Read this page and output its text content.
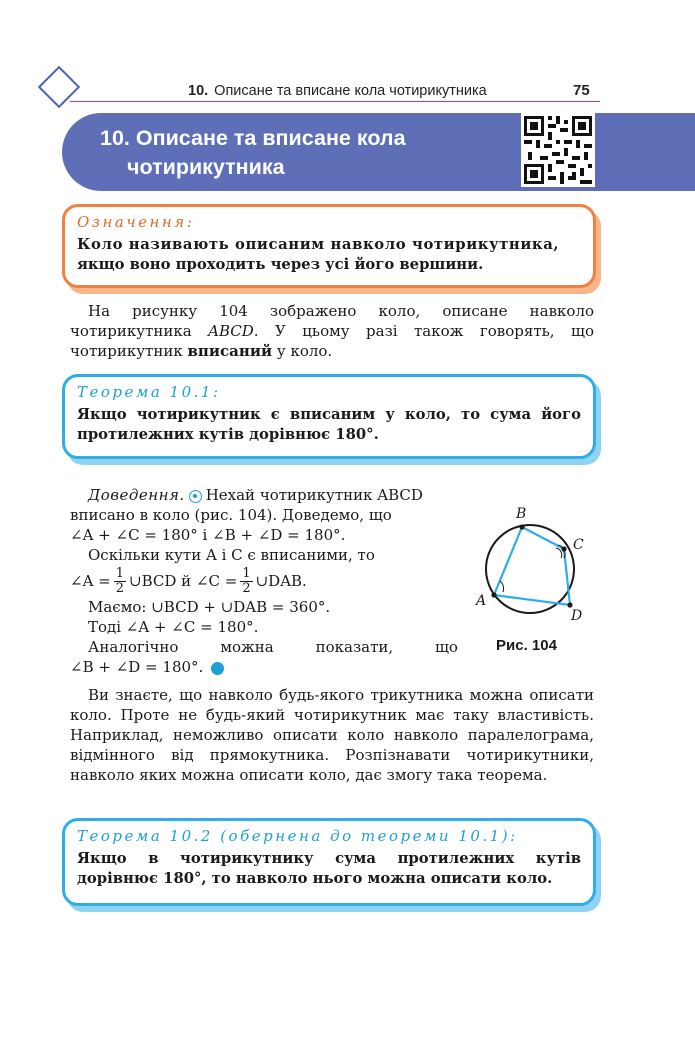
10. Описане та вписане кола чотирикутника	75
10. Описане та вписане кола
чотирикутника
Означення:
Коло називають описаним навколо чотирикутника,
якщо воно проходить через усі його вершини.
На рисунку 104 зображено коло, описане навколо чотирикутника ABCD. У цьому разі також говорять, що чотирикутник вписаний у коло.
Теорема 10.1:
Якщо чотирикутник є вписаним у коло, то сума його протилежних кутів дорівнює 180°.
Доведення. Нехай чотирикутник ABCD
вписано в коло (рис. 104). Доведемо, що
∠A + ∠C = 180° і ∠B + ∠D = 180°.
Оскільки кути A і C є вписаними, то
∠A = $\frac{1}{2}$ ∪BCD й ∠C = $\frac{1}{2}$ ∪DAB.
Маємо: ∪BCD + ∪DAB = 360°.
Тоді ∠A + ∠C = 180°.
Аналогічно	можна	показати,	що
∠B + ∠D = 180°.
A
B
C
D
Рис. 104
Ви знаєте, що навколо будь-якого трикутника можна описати коло. Проте не будь-який чотирикутник має таку властивість. Наприклад, неможливо описати коло навколо паралелограма, відмінного від прямокутника. Розпізнавати чотирикутники, навколо яких можна описати коло, дає змогу така теорема.
Теорема 10.2 (обернена до теореми 10.1):
Якщо в чотирикутнику сума протилежних кутів дорівнює 180°, то навколо нього можна описати коло.
